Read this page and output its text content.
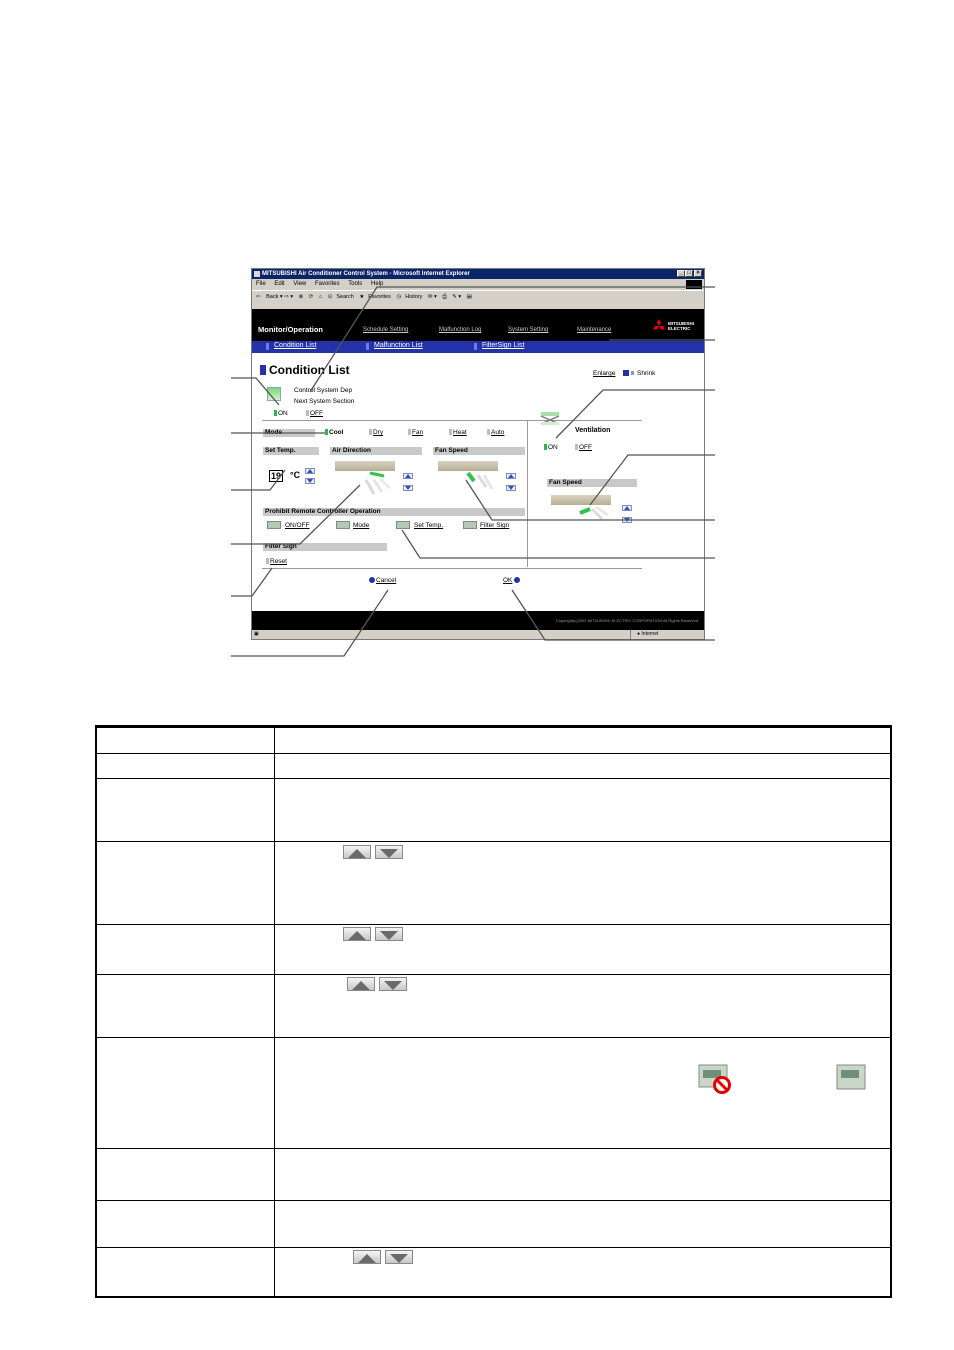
MITSUBISHI Air Conditioner Control System - Microsoft Internet Explorer	_ □ ×
File Edit View Favorites Tools Help
⇦ Back ▾ ⇨ ▾ ⊗ ⟳ ⌂ ⊙ Search ★ Favorites ◷ History ✉ ▾ ⎙ ✎ ▾ ▤
Monitor/Operation	Schedule Setting	Malfunction Log	System Setting	Maintenance
MITSUBISHI ELECTRIC
Condition List	Malfunction List	FilterSign List
Condition List	Enlarge	Shrink
Control System Dep
Next System Section
ON	OFF
Mode	Cool	Dry	Fan	Heat	Auto
Set Temp.	Air Direction	Fan Speed
19 °C
Prohibit Remote Controller Operation
ON/OFF	Mode	Set Temp.	Filter Sign
Filter Sign
Reset
Cancel	OK
Ventilation
ON	OFF
Fan Speed
Copyright(c)2002 MITSUBISHI ELECTRIC CORPORATION All Rights Reserved
▣	● Internet
